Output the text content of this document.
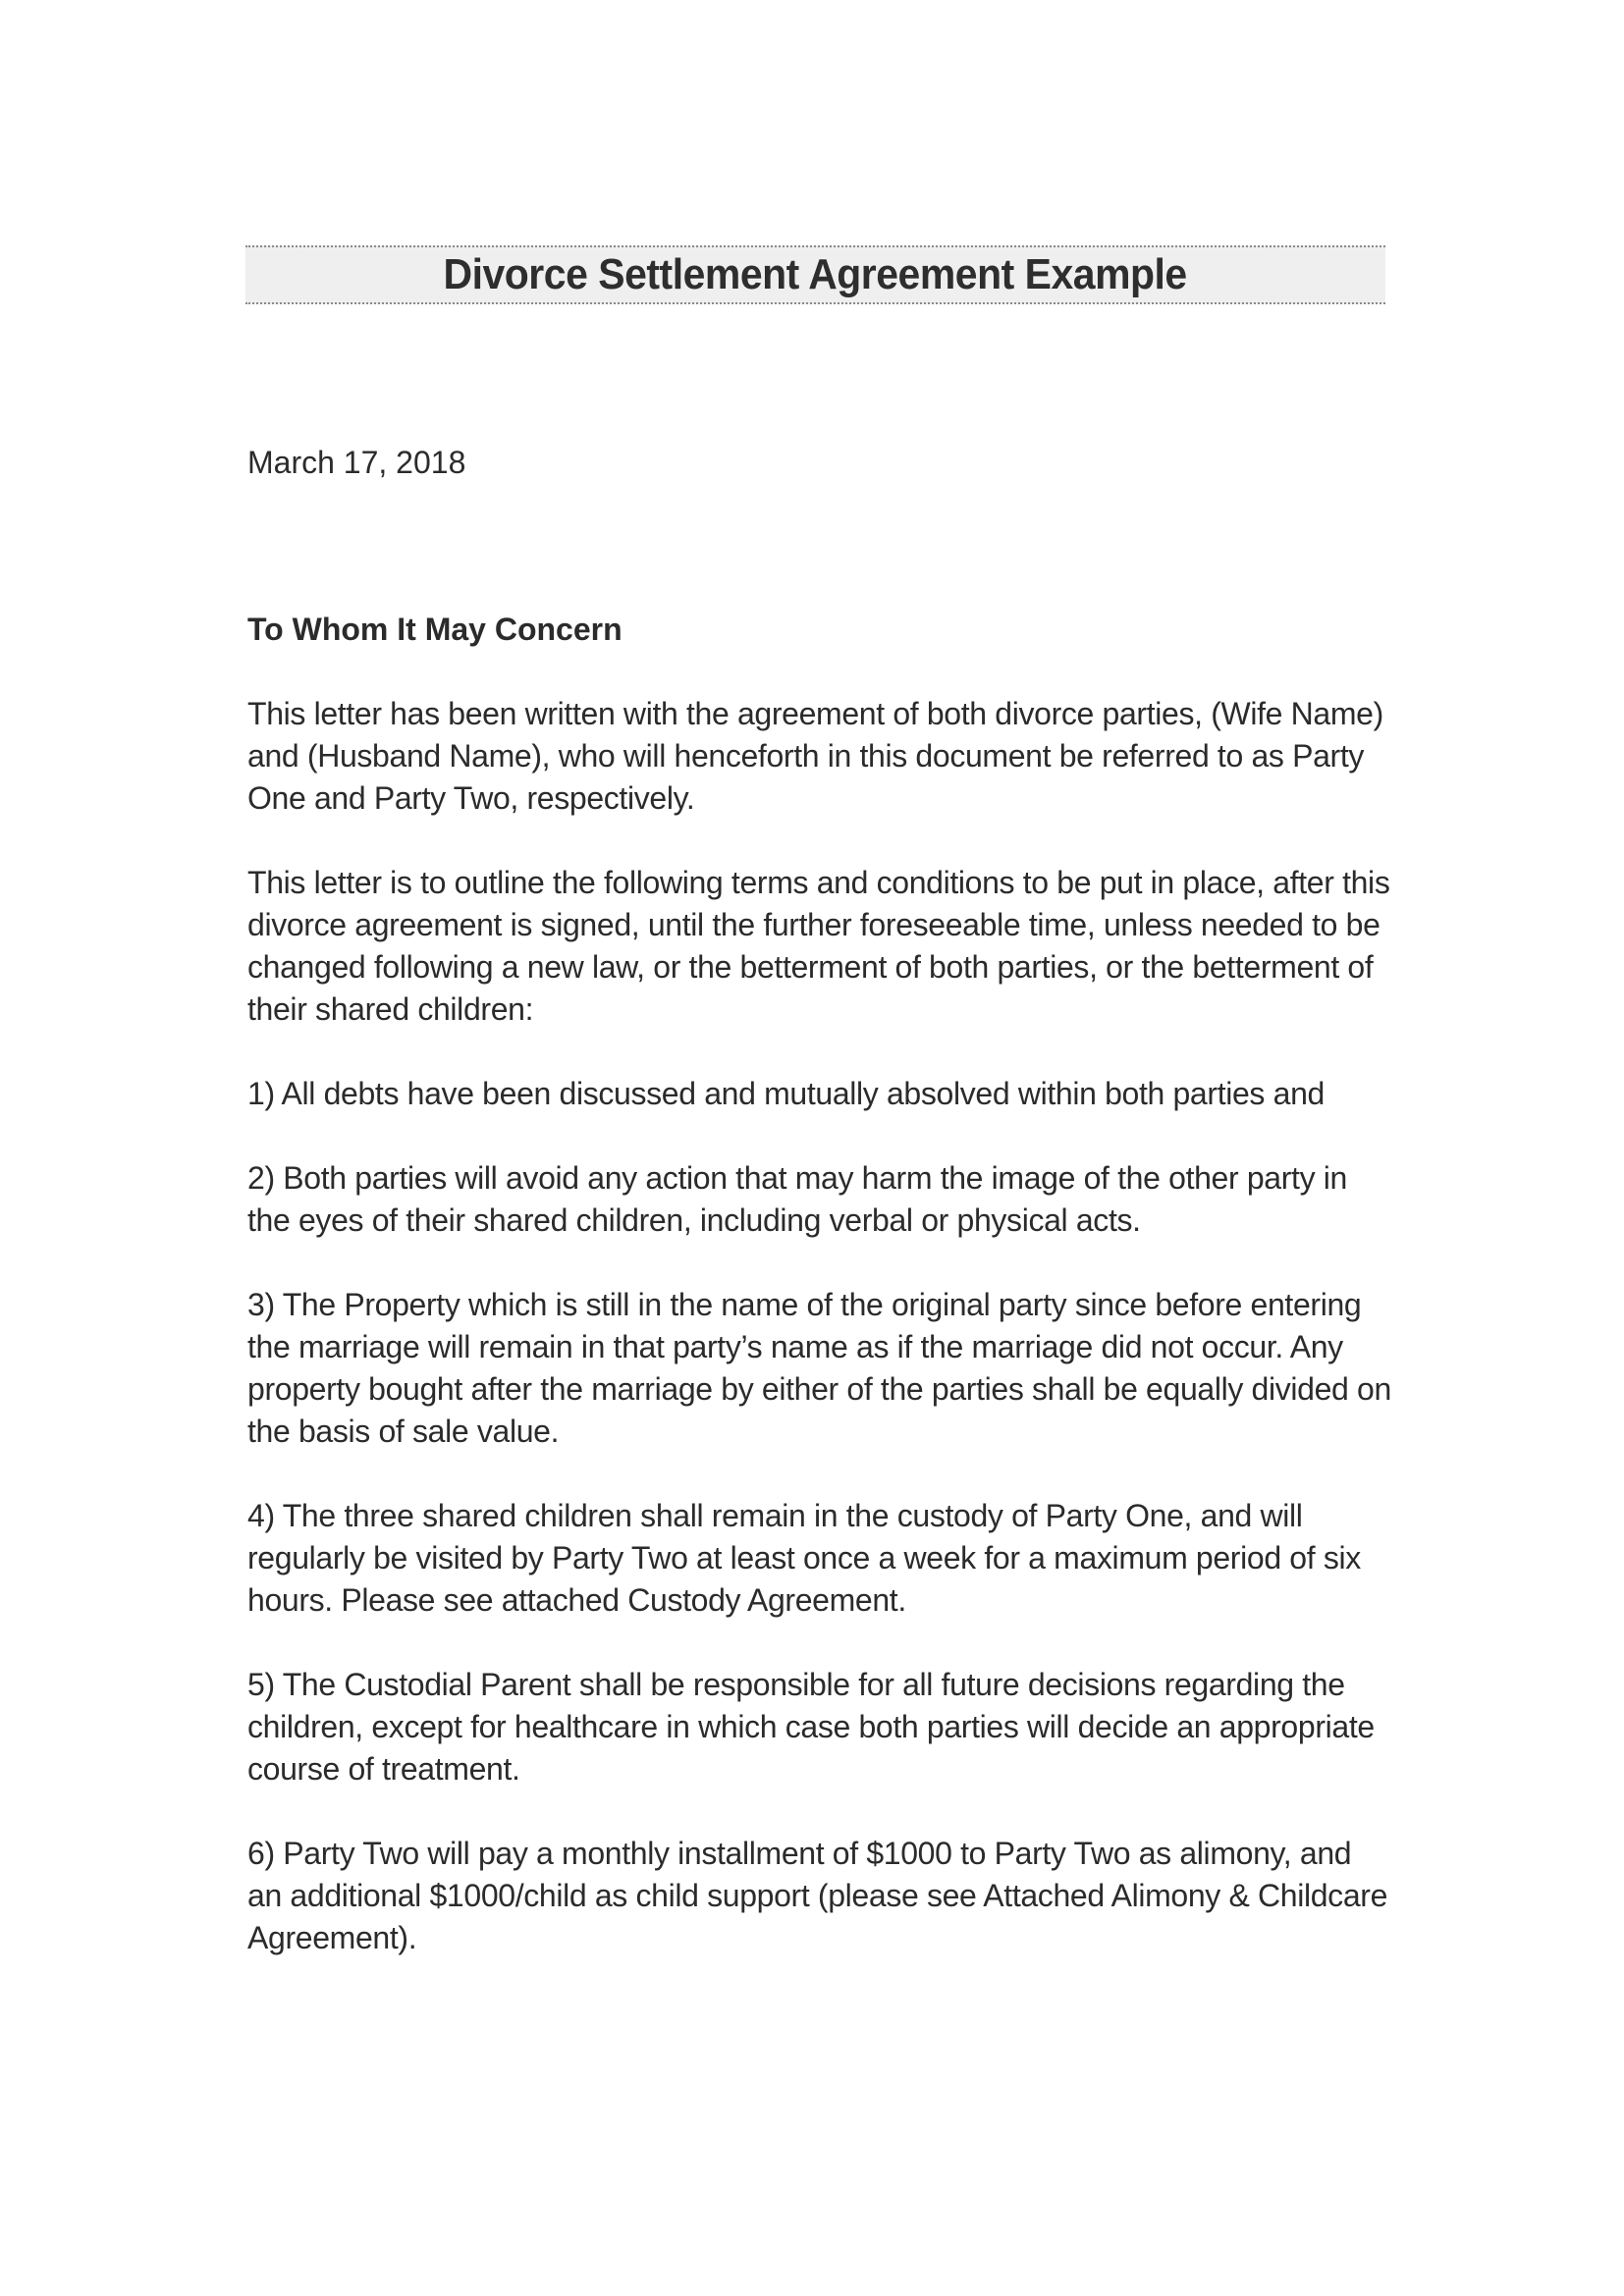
Divorce Settlement Agreement Example
March 17, 2018
To Whom It May Concern

This letter has been written with the agreement of both divorce parties, (Wife Name)
and (Husband Name), who will henceforth in this document be referred to as Party
One and Party Two, respectively.

This letter is to outline the following terms and conditions to be put in place, after this
divorce agreement is signed, until the further foreseeable time, unless needed to be
changed following a new law, or the betterment of both parties, or the betterment of
their shared children:

1) All debts have been discussed and mutually absolved within both parties and

2) Both parties will avoid any action that may harm the image of the other party in
the eyes of their shared children, including verbal or physical acts.

3) The Property which is still in the name of the original party since before entering
the marriage will remain in that party’s name as if the marriage did not occur. Any
property bought after the marriage by either of the parties shall be equally divided on
the basis of sale value.

4) The three shared children shall remain in the custody of Party One, and will
regularly be visited by Party Two at least once a week for a maximum period of six
hours. Please see attached Custody Agreement.

5) The Custodial Parent shall be responsible for all future decisions regarding the
children, except for healthcare in which case both parties will decide an appropriate
course of treatment.

6) Party Two will pay a monthly installment of $1000 to Party Two as alimony, and
an additional $1000/child as child support (please see Attached Alimony & Childcare
Agreement).
